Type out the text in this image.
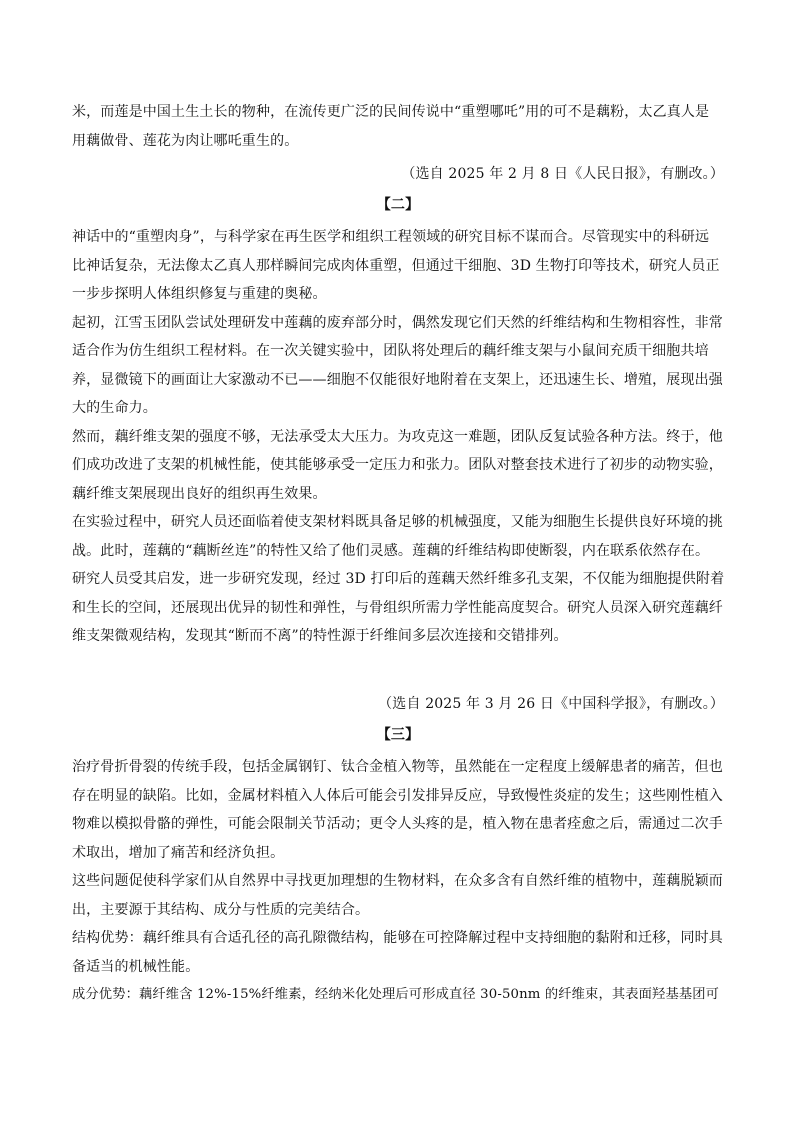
米，而莲是中国土生土长的物种，在流传更广泛的民间传说中“重塑哪吒”用的可不是藕粉，太乙真人是

用藕做骨、莲花为肉让哪吒重生的。

（选自 2025 年 2 月 8 日《人民日报》，有删改。）

【二】

神话中的“重塑肉身”，与科学家在再生医学和组织工程领域的研究目标不谋而合。尽管现实中的科研远

比神话复杂，无法像太乙真人那样瞬间完成肉体重塑，但通过干细胞、3D 生物打印等技术，研究人员正

一步步探明人体组织修复与重建的奥秘。

起初，江雪玉团队尝试处理研发中莲藕的废弃部分时，偶然发现它们天然的纤维结构和生物相容性，非常

适合作为仿生组织工程材料。在一次关键实验中，团队将处理后的藕纤维支架与小鼠间充质干细胞共培

养，显微镜下的画面让大家激动不已——细胞不仅能很好地附着在支架上，还迅速生长、增殖，展现出强

大的生命力。

然而，藕纤维支架的强度不够，无法承受太大压力。为攻克这一难题，团队反复试验各种方法。终于，他

们成功改进了支架的机械性能，使其能够承受一定压力和张力。团队对整套技术进行了初步的动物实验，

藕纤维支架展现出良好的组织再生效果。

在实验过程中，研究人员还面临着使支架材料既具备足够的机械强度，又能为细胞生长提供良好环境的挑

战。此时，莲藕的“藕断丝连”的特性又给了他们灵感。莲藕的纤维结构即使断裂，内在联系依然存在。

研究人员受其启发，进一步研究发现，经过 3D 打印后的莲藕天然纤维多孔支架，不仅能为细胞提供附着

和生长的空间，还展现出优异的韧性和弹性，与骨组织所需力学性能高度契合。研究人员深入研究莲藕纤

维支架微观结构，发现其“断而不离”的特性源于纤维间多层次连接和交错排列。

（选自 2025 年 3 月 26 日《中国科学报》，有删改。）

【三】

治疗骨折骨裂的传统手段，包括金属钢钉、钛合金植入物等，虽然能在一定程度上缓解患者的痛苦，但也

存在明显的缺陷。比如，金属材料植入人体后可能会引发排异反应，导致慢性炎症的发生；这些刚性植入

物难以模拟骨骼的弹性，可能会限制关节活动；更令人头疼的是，植入物在患者痊愈之后，需通过二次手

术取出，增加了痛苦和经济负担。

这些问题促使科学家们从自然界中寻找更加理想的生物材料，在众多含有自然纤维的植物中，莲藕脱颖而

出，主要源于其结构、成分与性质的完美结合。

结构优势：藕纤维具有合适孔径的高孔隙微结构，能够在可控降解过程中支持细胞的黏附和迁移，同时具

备适当的机械性能。

成分优势：藕纤维含 12%-15%纤维素，经纳米化处理后可形成直径 30-50nm 的纤维束，其表面羟基基团可
